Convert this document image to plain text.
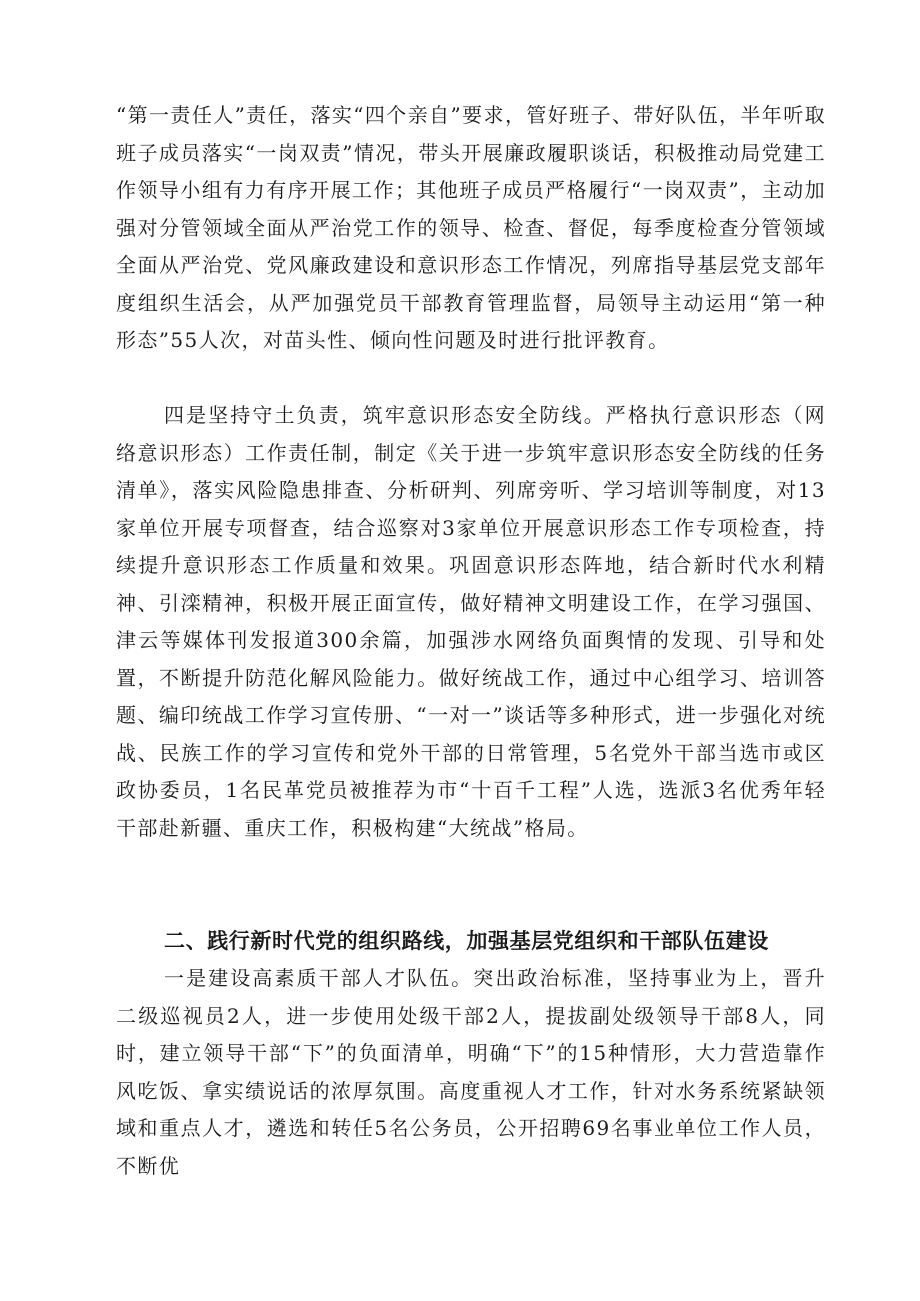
“第一责任人”责任，落实“四个亲自”要求，管好班子、带好队伍，半年听取班子成员落实“一岗双责”情况，带头开展廉政履职谈话，积极推动局党建工作领导小组有力有序开展工作；其他班子成员严格履行“一岗双责”，主动加强对分管领域全面从严治党工作的领导、检查、督促，每季度检查分管领域全面从严治党、党风廉政建设和意识形态工作情况，列席指导基层党支部年度组织生活会，从严加强党员干部教育管理监督，局领导主动运用“第一种形态”55人次，对苗头性、倾向性问题及时进行批评教育。

四是坚持守土负责，筑牢意识形态安全防线。严格执行意识形态（网络意识形态）工作责任制，制定《关于进一步筑牢意识形态安全防线的任务清单》，落实风险隐患排查、分析研判、列席旁听、学习培训等制度，对13家单位开展专项督查，结合巡察对3家单位开展意识形态工作专项检查，持续提升意识形态工作质量和效果。巩固意识形态阵地，结合新时代水利精神、引滦精神，积极开展正面宣传，做好精神文明建设工作，在学习强国、津云等媒体刊发报道300余篇，加强涉水网络负面舆情的发现、引导和处置，不断提升防范化解风险能力。做好统战工作，通过中心组学习、培训答题、编印统战工作学习宣传册、“一对一”谈话等多种形式，进一步强化对统战、民族工作的学习宣传和党外干部的日常管理，5名党外干部当选市或区政协委员，1名民革党员被推荐为市“十百千工程”人选，选派3名优秀年轻干部赴新疆、重庆工作，积极构建“大统战”格局。

二、践行新时代党的组织路线，加强基层党组织和干部队伍建设

一是建设高素质干部人才队伍。突出政治标准，坚持事业为上，晋升二级巡视员2人，进一步使用处级干部2人，提拔副处级领导干部8人，同时，建立领导干部“下”的负面清单，明确“下”的15种情形，大力营造靠作风吃饭、拿实绩说话的浓厚氛围。高度重视人才工作，针对水务系统紧缺领域和重点人才，遴选和转任5名公务员，公开招聘69名事业单位工作人员，不断优
